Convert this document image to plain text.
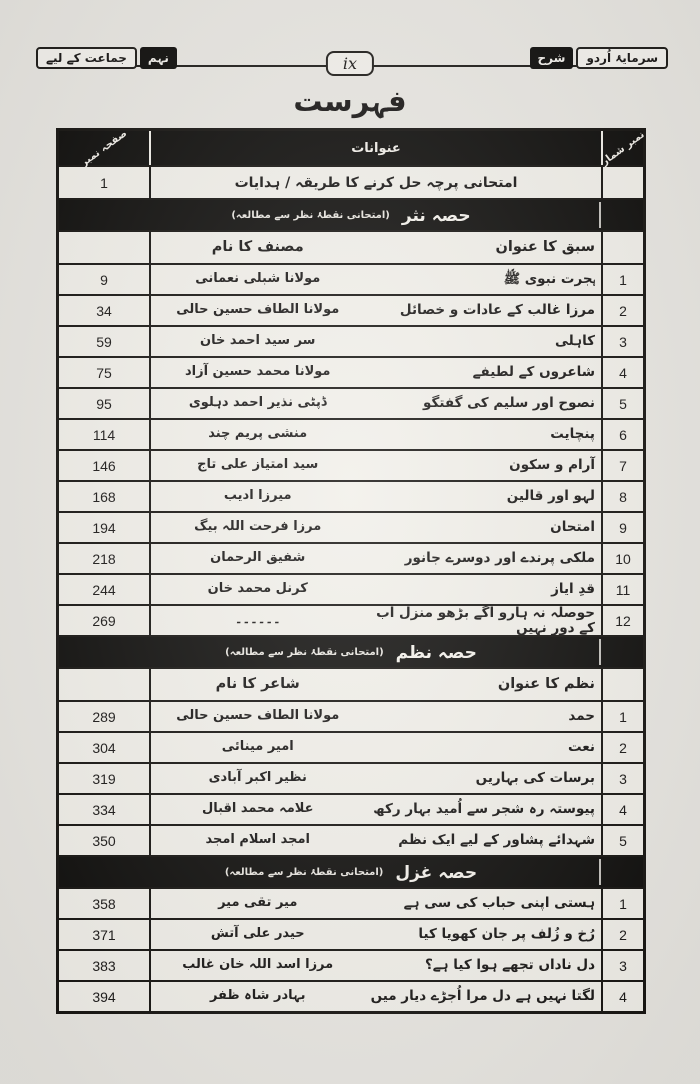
جماعت کے لیے	نہم	ix	شرح	سرمایۂ اُردو
فہرست
صفحہ نمبر	عنوانات	نمبر شمار
1	امتحانی پرچہ حل کرنے کا طریقہ / ہدایات
حصہ نثر
(امتحانی نقطۂ نظر سے مطالعہ)
مصنف کا نام	سبق کا عنوان
9	مولانا شبلی نعمانی	ہجرت نبوی ﷺ	1
34	مولانا الطاف حسین حالی	مرزا غالب کے عادات و خصائل	2
59	سر سید احمد خان	کاہلی	3
75	مولانا محمد حسین آزاد	شاعروں کے لطیفے	4
95	ڈپٹی نذیر احمد دہلوی	نصوح اور سلیم کی گفتگو	5
114	منشی پریم چند	پنچایت	6
146	سید امتیاز علی تاج	آرام و سکون	7
168	میرزا ادیب	لہو اور قالین	8
194	مرزا فرحت اللہ بیگ	امتحان	9
218	شفیق الرحمان	ملکی پرندے اور دوسرے جانور	10
244	کرنل محمد خان	قدِ ایاز	11
269	۔۔۔۔۔۔	حوصلہ نہ ہارو آگے بڑھو منزل اب کے دور نہیں	12
حصہ نظم
(امتحانی نقطۂ نظر سے مطالعہ)
شاعر کا نام	نظم کا عنوان
289	مولانا الطاف حسین حالی	حمد	1
304	امیر مینائی	نعت	2
319	نظیر اکبر آبادی	برسات کی بہاریں	3
334	علامہ محمد اقبال	پیوستہ رہ شجر سے اُمید بہار رکھ	4
350	امجد اسلام امجد	شہدائے پشاور کے لیے ایک نظم	5
حصہ غزل
(امتحانی نقطۂ نظر سے مطالعہ)
358	میر تقی میر	ہستی اپنی حباب کی سی ہے	1
371	حیدر علی آتش	رُخ و زُلف پر جان کھویا کیا	2
383	مرزا اسد اللہ خان غالب	دل ناداں تجھے ہوا کیا ہے؟	3
394	بہادر شاہ ظفر	لگتا نہیں ہے دل مرا اُجڑے دیار میں	4
